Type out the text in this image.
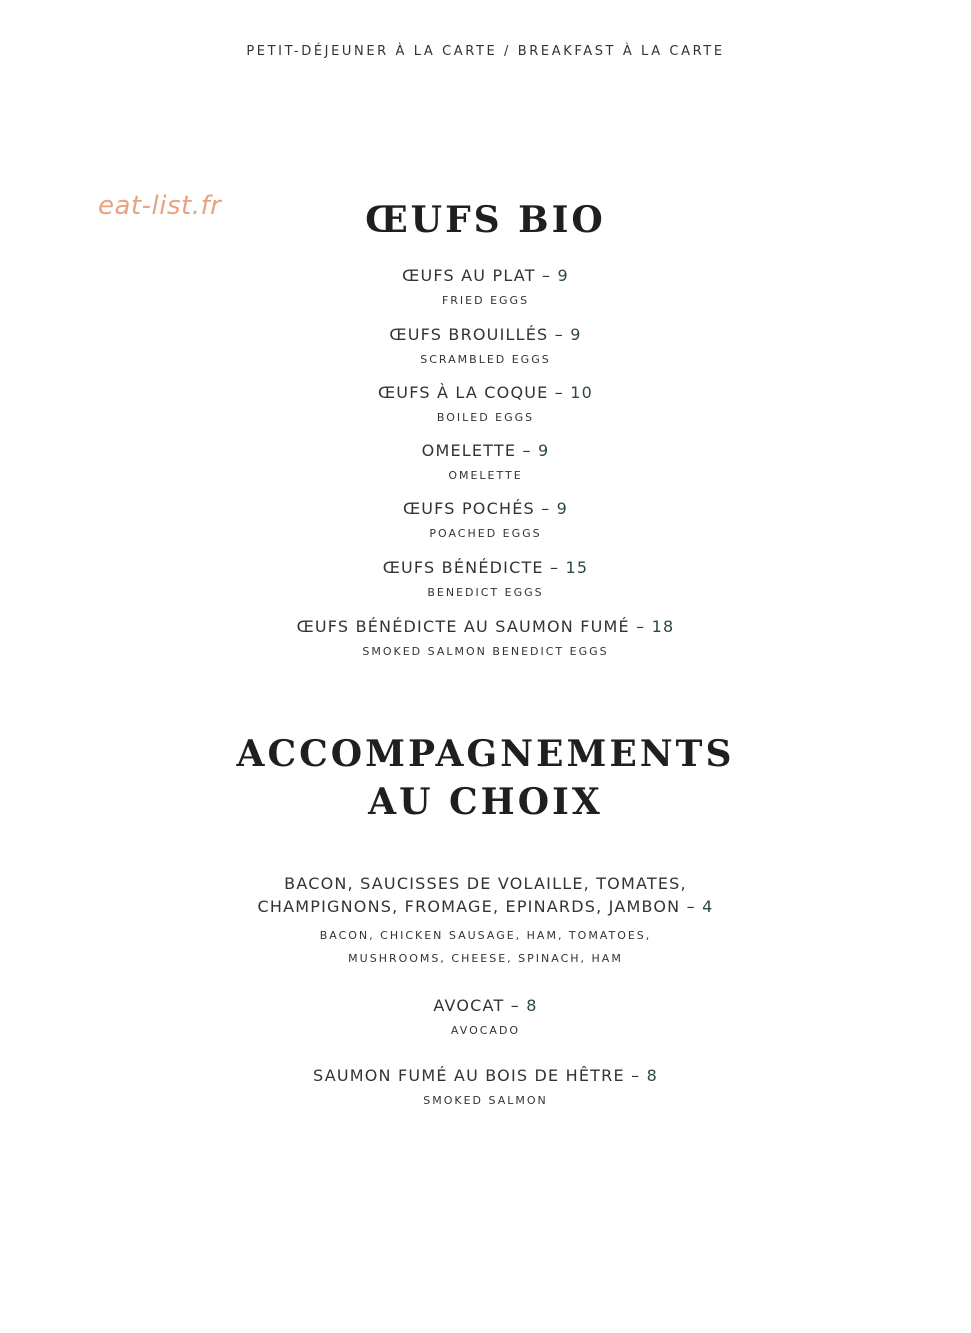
PETIT-DÉJEUNER À LA CARTE / BREAKFAST À LA CARTE
eat-list.fr	ŒUFS BIO
ŒUFS AU PLAT – 9
FRIED EGGS
ŒUFS BROUILLÉS – 9
SCRAMBLED EGGS
ŒUFS À LA COQUE – 10
BOILED EGGS
OMELETTE – 9
OMELETTE
ŒUFS POCHÉS – 9
POACHED EGGS
ŒUFS BÉNÉDICTE – 15
BENEDICT EGGS
ŒUFS BÉNÉDICTE AU SAUMON FUMÉ – 18
SMOKED SALMON BENEDICT EGGS
ACCOMPAGNEMENTS
AU CHOIX
BACON, SAUCISSES DE VOLAILLE, TOMATES,
CHAMPIGNONS, FROMAGE, EPINARDS, JAMBON – 4
BACON, CHICKEN SAUSAGE, HAM, TOMATOES,
MUSHROOMS, CHEESE, SPINACH, HAM
AVOCAT – 8
AVOCADO
SAUMON FUMÉ AU BOIS DE HÊTRE – 8
SMOKED SALMON
